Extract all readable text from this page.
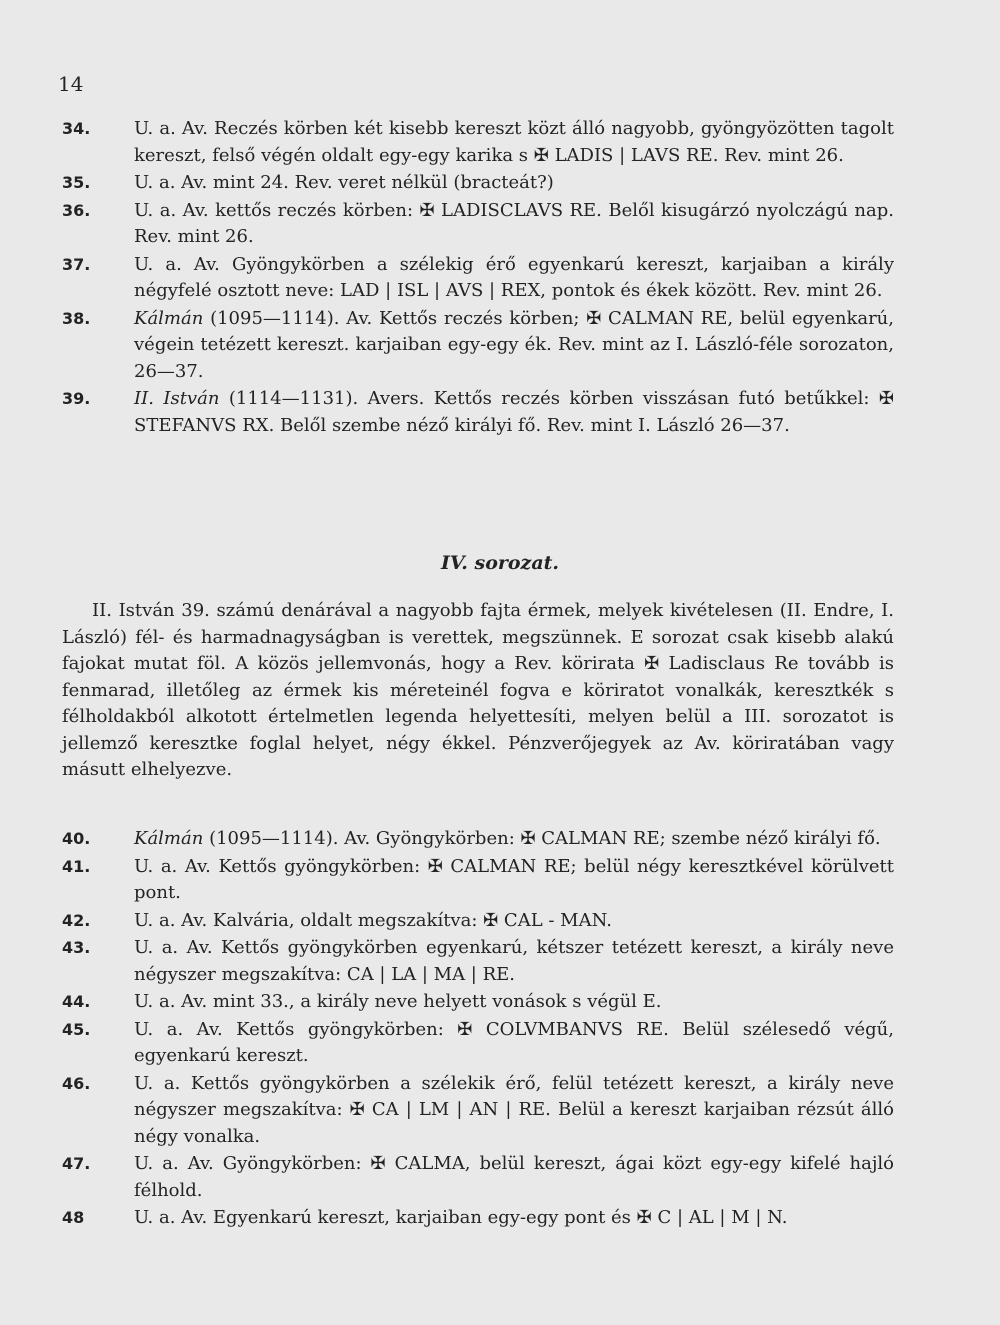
14
34.	U. a. Av. Reczés körben két kisebb kereszt közt álló nagyobb, gyöngyözötten tagolt kereszt, felső végén oldalt egy-egy karika s ✠ LADIS | LAVS RE. Rev. mint 26.
35.	U. a. Av. mint 24. Rev. veret nélkül (bracteát?)
36.	U. a. Av. kettős reczés körben: ✠ LADISCLAVS RE. Belől kisugárzó nyolczágú nap. Rev. mint 26.
37.	U. a. Av. Gyöngykörben a szélekig érő egyenkarú kereszt, karjaiban a király négyfelé osztott neve: LAD | ISL | AVS | REX, pontok és ékek között. Rev. mint 26.
38.	Kálmán (1095—1114). Av. Kettős reczés körben; ✠ CALMAN RE, belül egyenkarú, végein tetézett kereszt. karjaiban egy-egy ék. Rev. mint az I. László-féle sorozaton, 26—37.
39.	II. István (1114—1131). Avers. Kettős reczés körben visszásan futó betűkkel: ✠ STEFANVS RX. Belől szembe néző királyi fő. Rev. mint I. László 26—37.
IV. sorozat.
II. István 39. számú denárával a nagyobb fajta érmek, melyek kivételesen (II. Endre, I. László) fél- és harmadnagyságban is verettek, megszünnek. E sorozat csak kisebb alakú fajokat mutat föl. A közös jellemvonás, hogy a Rev. körirata ✠ Ladisclaus Re tovább is fenmarad, illetőleg az érmek kis méreteinél fogva e köriratot vonalkák, keresztkék s félholdakból alkotott értelmetlen legenda helyettesíti, melyen belül a III. sorozatot is jellemző keresztke foglal helyet, négy ékkel. Pénzverőjegyek az Av. köriratában vagy másutt elhelyezve.
40.	Kálmán (1095—1114). Av. Gyöngykörben: ✠ CALMAN RE; szembe néző királyi fő.
41.	U. a. Av. Kettős gyöngykörben: ✠ CALMAN RE; belül négy keresztkével körülvett pont.
42.	U. a. Av. Kalvária, oldalt megszakítva: ✠ CAL - MAN.
43.	U. a. Av. Kettős gyöngykörben egyenkarú, kétszer tetézett kereszt, a király neve négyszer megszakítva: CA | LA | MA | RE.
44.	U. a. Av. mint 33., a király neve helyett vonások s végül E.
45.	U. a. Av. Kettős gyöngykörben: ✠ COLVMBANVS RE. Belül szélesedő végű, egyenkarú kereszt.
46.	U. a. Kettős gyöngykörben a szélekik érő, felül tetézett kereszt, a király neve négyszer megszakítva: ✠ CA | LM | AN | RE. Belül a kereszt karjaiban rézsút álló négy vonalka.
47.	U. a. Av. Gyöngykörben: ✠ CALMA, belül kereszt, ágai közt egy-egy kifelé hajló félhold.
48	U. a. Av. Egyenkarú kereszt, karjaiban egy-egy pont és ✠ C | AL | M | N.
